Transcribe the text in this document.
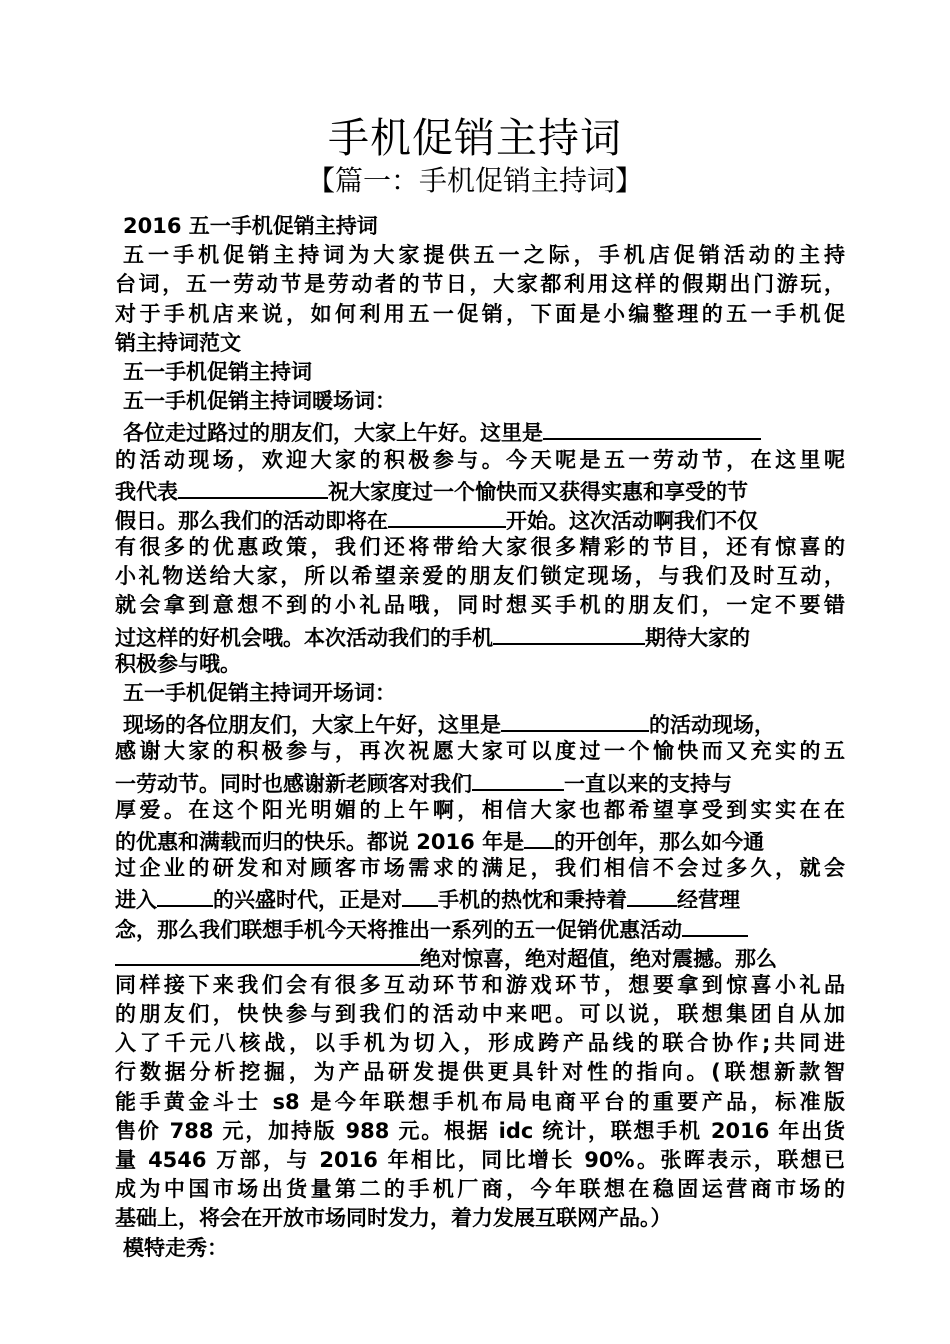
手机促销主持词
【篇一：手机促销主持词】
2016 五一手机促销主持词
五一手机促销主持词为大家提供五一之际，手机店促销活动的主持
台词，五一劳动节是劳动者的节日，大家都利用这样的假期出门游玩，
对于手机店来说，如何利用五一促销，下面是小编整理的五一手机促
销主持词范文
五一手机促销主持词
五一手机促销主持词暖场词：
各位走过路过的朋友们，大家上午好。这里是
的活动现场，欢迎大家的积极参与。今天呢是五一劳动节，在这里呢
我代表	祝大家度过一个愉快而又获得实惠和享受的节
假日。那么我们的活动即将在	开始。这次活动啊我们不仅
有很多的优惠政策，我们还将带给大家很多精彩的节目，还有惊喜的
小礼物送给大家，所以希望亲爱的朋友们锁定现场，与我们及时互动，
就会拿到意想不到的小礼品哦，同时想买手机的朋友们，一定不要错
过这样的好机会哦。本次活动我们的手机	期待大家的
积极参与哦。
五一手机促销主持词开场词：
现场的各位朋友们，大家上午好，这里是	的活动现场，
感谢大家的积极参与，再次祝愿大家可以度过一个愉快而又充实的五
一劳动节。同时也感谢新老顾客对我们	一直以来的支持与
厚爱。在这个阳光明媚的上午啊，相信大家也都希望享受到实实在在
的优惠和满载而归的快乐。都说 2016 年是 的开创年，那么如今通
过企业的研发和对顾客市场需求的满足，我们相信不会过多久，就会
进入	的兴盛时代，正是对 手机的热忱和秉持着 经营理
念，那么我们联想手机今天将推出一系列的五一促销优惠活动
绝对惊喜，绝对超值，绝对震撼。那么
同样接下来我们会有很多互动环节和游戏环节，想要拿到惊喜小礼品
的朋友们，快快参与到我们的活动中来吧。可以说，联想集团自从加
入了千元八核战，以手机为切入，形成跨产品线的联合协作;共同进
行数据分析挖掘，为产品研发提供更具针对性的指向。(联想新款智
能手黄金斗士 s8 是今年联想手机布局电商平台的重要产品，标准版
售价 788 元，加持版 988 元。根据 idc 统计，联想手机 2016 年出货
量 4546 万部，与 2016 年相比，同比增长 90%。张晖表示，联想已
成为中国市场出货量第二的手机厂商，今年联想在稳固运营商市场的
基础上，将会在开放市场同时发力，着力发展互联网产品。）
模特走秀：
